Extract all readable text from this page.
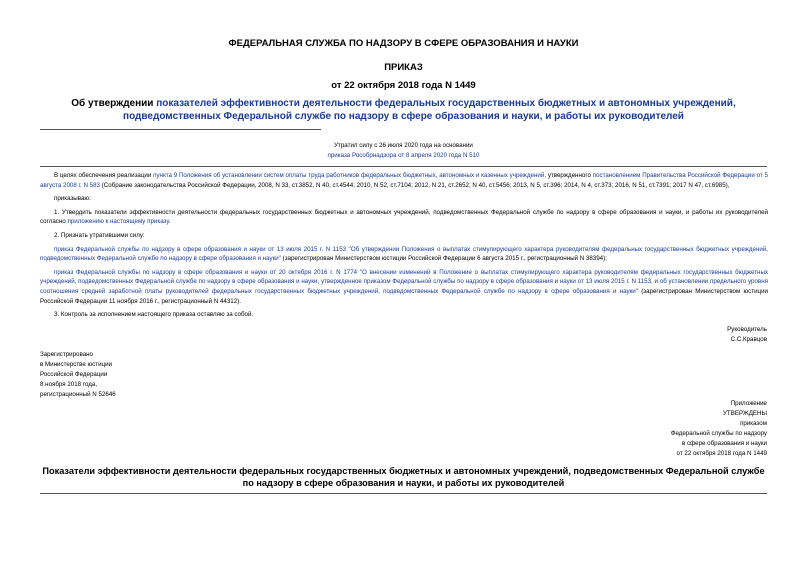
ФЕДЕРАЛЬНАЯ СЛУЖБА ПО НАДЗОРУ В СФЕРЕ ОБРАЗОВАНИЯ И НАУКИ
ПРИКАЗ
от 22 октября 2018 года N 1449
Об утверждении показателей эффективности деятельности федеральных государственных бюджетных и автономных учреждений, подведомственных Федеральной службе по надзору в сфере образования и науки, и работы их руководителей
Утратил силу с 26 июля 2020 года на основании
приказа Рособрнадзора от 8 апреля 2020 года N 510

В целях обеспечения реализации пункта 9 Положения об установлении систем оплаты труда работников федеральных бюджетных, автономных и казенных учреждений, утвержденного постановлением Правительства Российской Федерации от 5 августа 2008 г. N 583 (Собрание законодательства Российской Федерации, 2008, N 33, ст.3852, N 40, ст.4544; 2010, N 52, ст.7104; 2012, N 21, ст.2652; N 40, ст.5456; 2013, N 5, ст.396; 2014, N 4, ст.373; 2016, N 51, ст.7391; 2017 N 47, ст.6985),

приказываю:

1. Утвердить показатели эффективности деятельности федеральных государственных бюджетных и автономных учреждений, подведомственных Федеральной службе по надзору в сфере образования и науки, и работы их руководителей согласно приложению к настоящему приказу.

2. Признать утратившими силу:

приказ Федеральной службы по надзору в сфере образования и науки от 13 июля 2015 г. N 1153 "Об утверждении Положения о выплатах стимулирующего характера руководителям федеральных государственных бюджетных учреждений, подведомственных Федеральной службе по надзору в сфере образования и науки" (зарегистрирован Министерством юстиции Российской Федерации 6 августа 2015 г., регистрационный N 38394);

приказ Федеральной службы по надзору в сфере образования и науки от 20 октября 2016 г. N 1774 "О внесении изменений в Положение о выплатах стимулирующего характера руководителям федеральных государственных бюджетных учреждений, подведомственных Федеральной службе по надзору в сфере образования и науки, утвержденное приказом Федеральной службы по надзору в сфере образования и науки от 13 июля 2015 г. N 1153, и об установлении предельного уровня соотношения средней заработной платы руководителей федеральных государственных бюджетных учреждений, подведомственных Федеральной службе по надзору в сфере образования и науки" (зарегистрирован Министерством юстиции Российской Федерации 11 ноября 2016 г., регистрационный N 44312).

3. Контроль за исполнением настоящего приказа оставляю за собой.

Руководитель
С.С.Кравцов
Зарегистрировано
в Министерстве юстиции
Российской Федерации
8 ноября 2018 года,
регистрационный N 52646
Приложение
УТВЕРЖДЕНЫ
приказом
Федеральной службы по надзору
в сфере образования и науки
от 22 октября 2018 года N 1449
Показатели эффективности деятельности федеральных государственных бюджетных и автономных учреждений, подведомственных Федеральной службе по надзору в сфере образования и науки, и работы их руководителей
